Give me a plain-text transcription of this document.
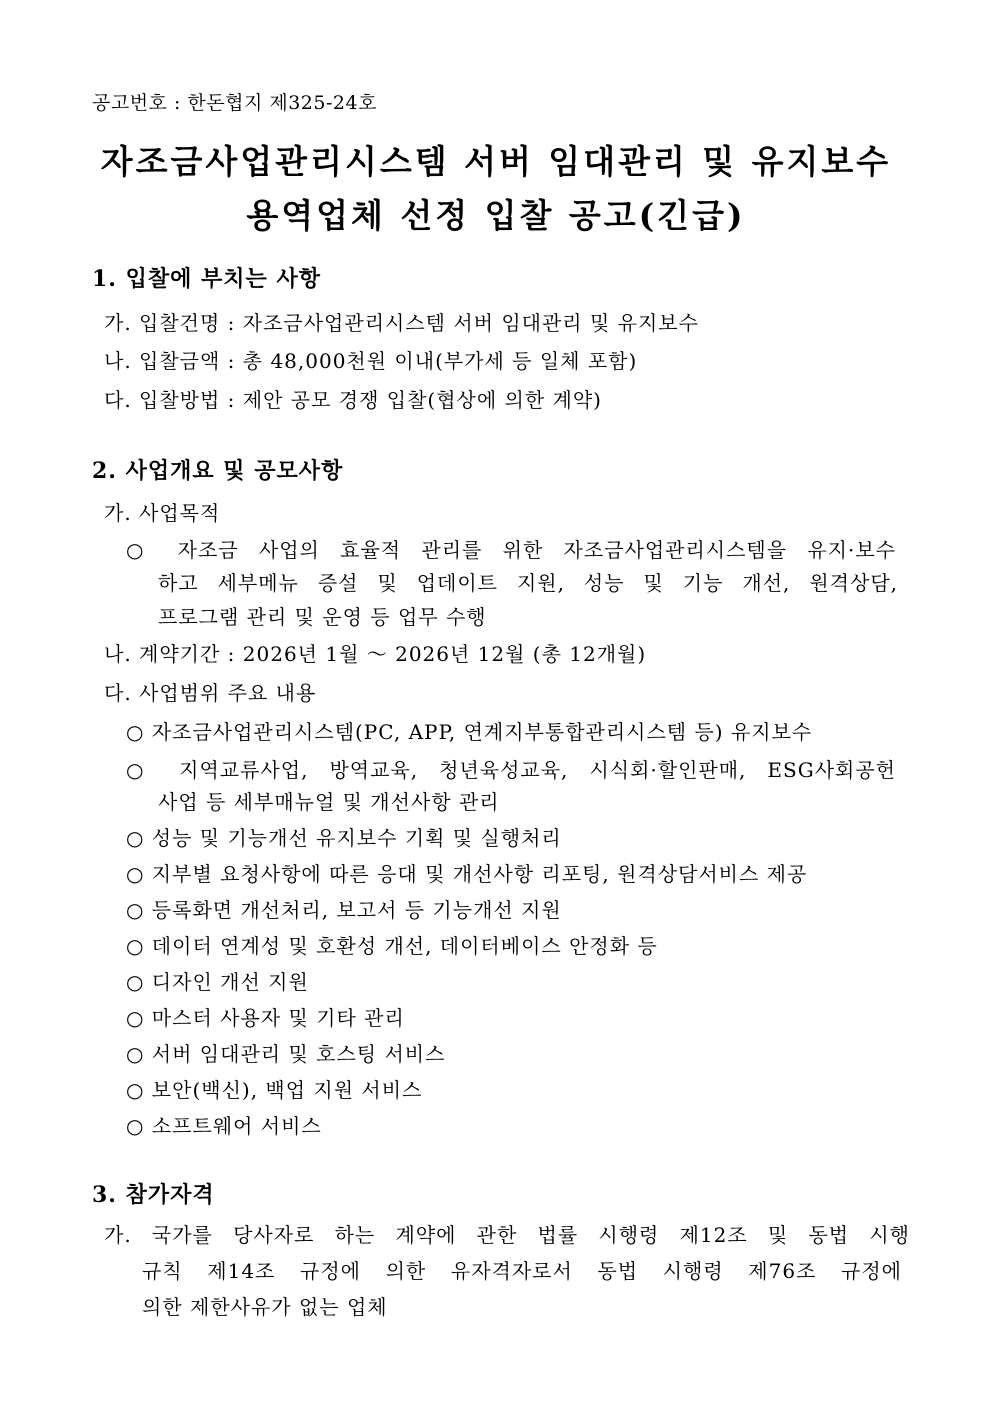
공고번호 : 한돈협지 제325-24호
자조금사업관리시스템 서버 임대관리 및 유지보수
용역업체 선정 입찰 공고(긴급)
1. 입찰에 부치는 사항
가. 입찰건명 : 자조금사업관리시스템 서버 임대관리 및 유지보수
나. 입찰금액 : 총 48,000천원 이내(부가세 등 일체 포함)
다. 입찰방법 : 제안 공모 경쟁 입찰(협상에 의한 계약)
2. 사업개요 및 공모사항
가. 사업목적
○ 자조금 사업의 효율적 관리를 위한 자조금사업관리시스템을 유지·보수
하고 세부메뉴 증설 및 업데이트 지원, 성능 및 기능 개선, 원격상담,
프로그램 관리 및 운영 등 업무 수행
나. 계약기간 : 2026년 1월 ～ 2026년 12월 (총 12개월)
다. 사업범위 주요 내용
○ 자조금사업관리시스템(PC, APP, 연계지부통합관리시스템 등) 유지보수
○ 지역교류사업, 방역교육, 청년육성교육, 시식회·할인판매, ESG사회공헌
사업 등 세부매뉴얼 및 개선사항 관리
○ 성능 및 기능개선 유지보수 기획 및 실행처리
○ 지부별 요청사항에 따른 응대 및 개선사항 리포팅, 원격상담서비스 제공
○ 등록화면 개선처리, 보고서 등 기능개선 지원
○ 데이터 연계성 및 호환성 개선, 데이터베이스 안정화 등
○ 디자인 개선 지원
○ 마스터 사용자 및 기타 관리
○ 서버 임대관리 및 호스팅 서비스
○ 보안(백신), 백업 지원 서비스
○ 소프트웨어 서비스
3. 참가자격
가. 국가를 당사자로 하는 계약에 관한 법률 시행령 제12조 및 동법 시행
규칙 제14조 규정에 의한 유자격자로서 동법 시행령 제76조 규정에
의한 제한사유가 없는 업체
